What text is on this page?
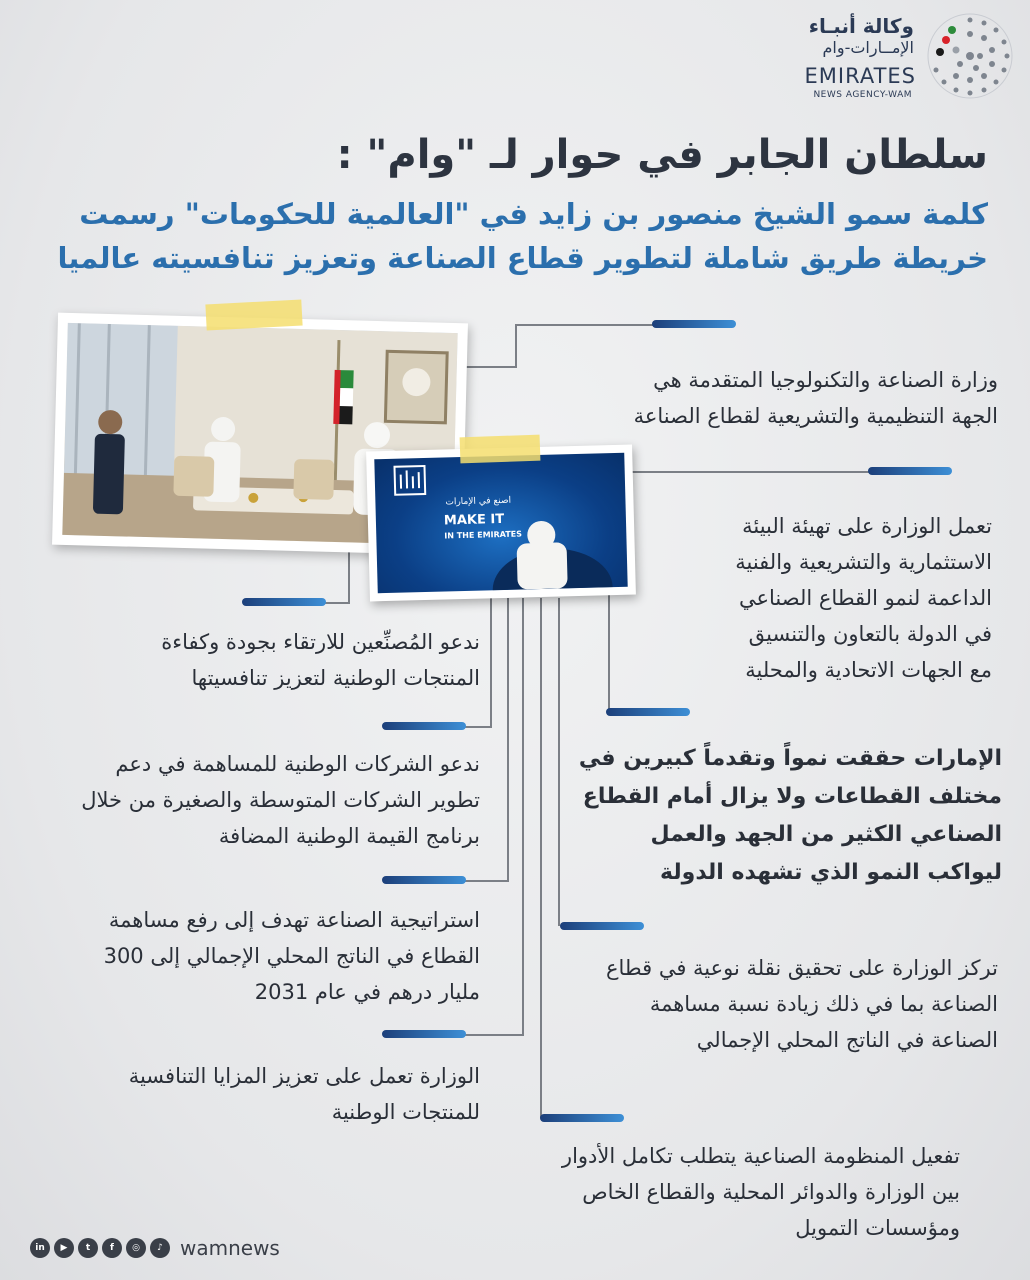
وكالة أنبـاء
الإمــارات-وام
EMIRATES
NEWS AGENCY-WAM
سلطان الجابر في حوار لـ "وام" :
كلمة سمو الشيخ منصور بن زايد في "العالمية للحكومات" رسمت
خريطة طريق شاملة لتطوير قطاع الصناعة وتعزيز تنافسيته عالميا
اصنع في الإمارات
MAKE IT
IN THE EMIRATES
وزارة الصناعة والتكنولوجيا المتقدمة هي
الجهة التنظيمية والتشريعية لقطاع الصناعة
تعمل الوزارة على تهيئة البيئة
الاستثمارية والتشريعية والفنية
الداعمة لنمو القطاع الصناعي
في الدولة بالتعاون والتنسيق
مع الجهات الاتحادية والمحلية
الإمارات حققت نمواً وتقدماً كبيرين في
مختلف القطاعات ولا يزال أمام القطاع
الصناعي الكثير من الجهد والعمل
ليواكب النمو الذي تشهده الدولة
تركز الوزارة على تحقيق نقلة نوعية في قطاع
الصناعة بما في ذلك زيادة نسبة مساهمة
الصناعة في الناتج المحلي الإجمالي
تفعيل المنظومة الصناعية يتطلب تكامل الأدوار
بين الوزارة والدوائر المحلية والقطاع الخاص
ومؤسسات التمويل
ندعو المُصنِّعين للارتقاء بجودة وكفاءة
المنتجات الوطنية لتعزيز تنافسيتها
ندعو الشركات الوطنية للمساهمة في دعم
تطوير الشركات المتوسطة والصغيرة من خلال
برنامج القيمة الوطنية المضافة
استراتيجية الصناعة تهدف إلى رفع مساهمة
القطاع في الناتج المحلي الإجمالي إلى 300
مليار درهم في عام 2031
الوزارة تعمل على تعزيز المزايا التنافسية
للمنتجات الوطنية
in	▶	t	f	◎	♪ wamnews
